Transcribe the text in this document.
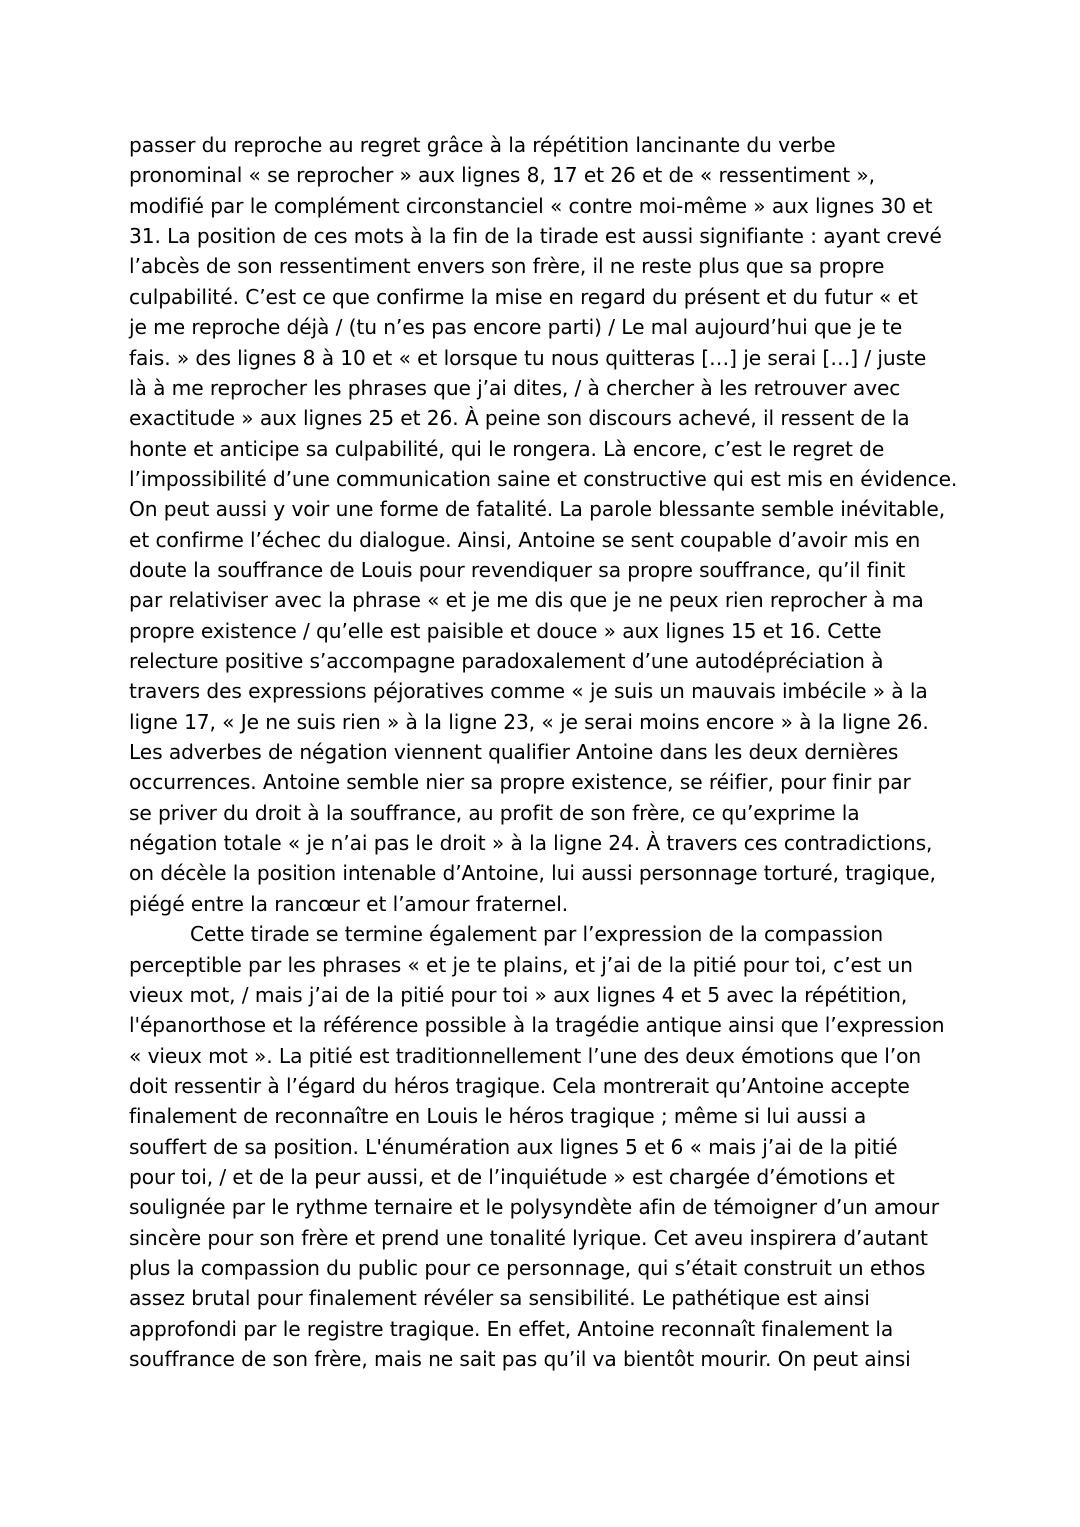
passer du reproche au regret grâce à la répétition lancinante du verbe
pronominal « se reprocher » aux lignes 8, 17 et 26 et de « ressentiment »,
modifié par le complément circonstanciel « contre moi-même » aux lignes 30 et
31. La position de ces mots à la fin de la tirade est aussi signifiante : ayant crevé
l’abcès de son ressentiment envers son frère, il ne reste plus que sa propre
culpabilité. C’est ce que confirme la mise en regard du présent et du futur « et
je me reproche déjà / (tu n’es pas encore parti) / Le mal aujourd’hui que je te
fais. » des lignes 8 à 10 et « et lorsque tu nous quitteras […] je serai […] / juste
là à me reprocher les phrases que j’ai dites, / à chercher à les retrouver avec
exactitude » aux lignes 25 et 26. À peine son discours achevé, il ressent de la
honte et anticipe sa culpabilité, qui le rongera. Là encore, c’est le regret de
l’impossibilité d’une communication saine et constructive qui est mis en évidence.
On peut aussi y voir une forme de fatalité. La parole blessante semble inévitable,
et confirme l’échec du dialogue. Ainsi, Antoine se sent coupable d’avoir mis en
doute la souffrance de Louis pour revendiquer sa propre souffrance, qu’il finit
par relativiser avec la phrase « et je me dis que je ne peux rien reprocher à ma
propre existence / qu’elle est paisible et douce » aux lignes 15 et 16. Cette
relecture positive s’accompagne paradoxalement d’une autodépréciation à
travers des expressions péjoratives comme « je suis un mauvais imbécile » à la
ligne 17, « Je ne suis rien » à la ligne 23, « je serai moins encore » à la ligne 26.
Les adverbes de négation viennent qualifier Antoine dans les deux dernières
occurrences. Antoine semble nier sa propre existence, se réifier, pour finir par
se priver du droit à la souffrance, au profit de son frère, ce qu’exprime la
négation totale « je n’ai pas le droit » à la ligne 24. À travers ces contradictions,
on décèle la position intenable d’Antoine, lui aussi personnage torturé, tragique,
piégé entre la rancœur et l’amour fraternel.
Cette tirade se termine également par l’expression de la compassion
perceptible par les phrases « et je te plains, et j’ai de la pitié pour toi, c’est un
vieux mot, / mais j’ai de la pitié pour toi » aux lignes 4 et 5 avec la répétition,
l'épanorthose et la référence possible à la tragédie antique ainsi que l’expression
« vieux mot ». La pitié est traditionnellement l’une des deux émotions que l’on
doit ressentir à l’égard du héros tragique. Cela montrerait qu’Antoine accepte
finalement de reconnaître en Louis le héros tragique ; même si lui aussi a
souffert de sa position. L'énumération aux lignes 5 et 6 « mais j’ai de la pitié
pour toi, / et de la peur aussi, et de l’inquiétude » est chargée d’émotions et
soulignée par le rythme ternaire et le polysyndète afin de témoigner d’un amour
sincère pour son frère et prend une tonalité lyrique. Cet aveu inspirera d’autant
plus la compassion du public pour ce personnage, qui s’était construit un ethos
assez brutal pour finalement révéler sa sensibilité. Le pathétique est ainsi
approfondi par le registre tragique. En effet, Antoine reconnaît finalement la
souffrance de son frère, mais ne sait pas qu’il va bientôt mourir. On peut ainsi
